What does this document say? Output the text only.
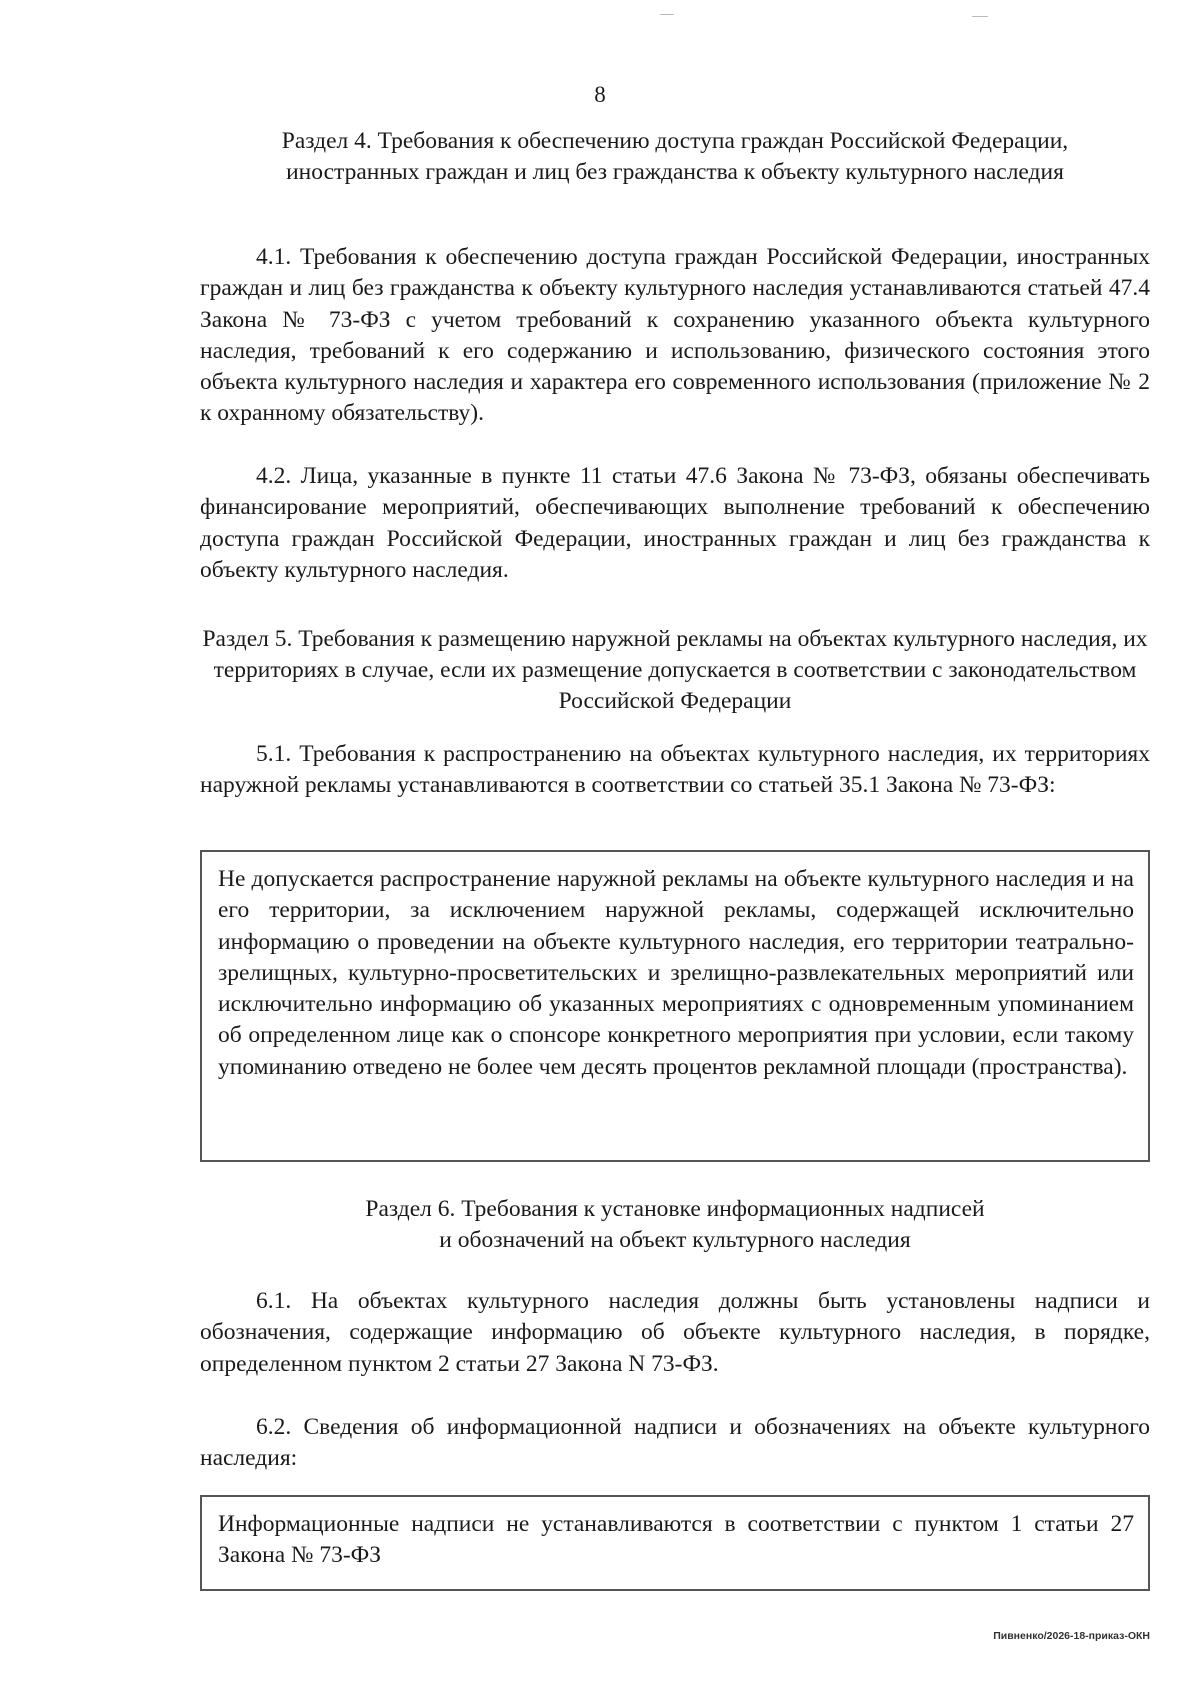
8
Раздел 4. Требования к обеспечению доступа граждан Российской Федерации, иностранных граждан и лиц без гражданства к объекту культурного наследия
4.1. Требования к обеспечению доступа граждан Российской Федерации, иностранных граждан и лиц без гражданства к объекту культурного наследия устанавливаются статьей 47.4 Закона № 73-ФЗ с учетом требований к сохранению указанного объекта культурного наследия, требований к его содержанию и использованию, физического состояния этого объекта культурного наследия и характера его современного использования (приложение № 2 к охранному обязательству).
4.2. Лица, указанные в пункте 11 статьи 47.6 Закона № 73-ФЗ, обязаны обеспечивать финансирование мероприятий, обеспечивающих выполнение требований к обеспечению доступа граждан Российской Федерации, иностранных граждан и лиц без гражданства к объекту культурного наследия.
Раздел 5. Требования к размещению наружной рекламы на объектах культурного наследия, их территориях в случае, если их размещение допускается в соответствии с законодательством Российской Федерации
5.1. Требования к распространению на объектах культурного наследия, их территориях наружной рекламы устанавливаются в соответствии со статьей 35.1 Закона № 73-ФЗ:
Не допускается распространение наружной рекламы на объекте культурного наследия и на его территории, за исключением наружной рекламы, содержащей исключительно информацию о проведении на объекте культурного наследия, его территории театрально-зрелищных, культурно-просветительских и зрелищно-развлекательных мероприятий или исключительно информацию об указанных мероприятиях с одновременным упоминанием об определенном лице как о спонсоре конкретного мероприятия при условии, если такому упоминанию отведено не более чем десять процентов рекламной площади (пространства).
Раздел 6. Требования к установке информационных надписей
и обозначений на объект культурного наследия
6.1. На объектах культурного наследия должны быть установлены надписи и обозначения, содержащие информацию об объекте культурного наследия, в порядке, определенном пунктом 2 статьи 27 Закона N 73-ФЗ.
6.2. Сведения об информационной надписи и обозначениях на объекте культурного наследия:
Информационные надписи не устанавливаются в соответствии с пунктом 1 статьи 27 Закона № 73-ФЗ
Пивненко/2026-18-приказ-ОКН
